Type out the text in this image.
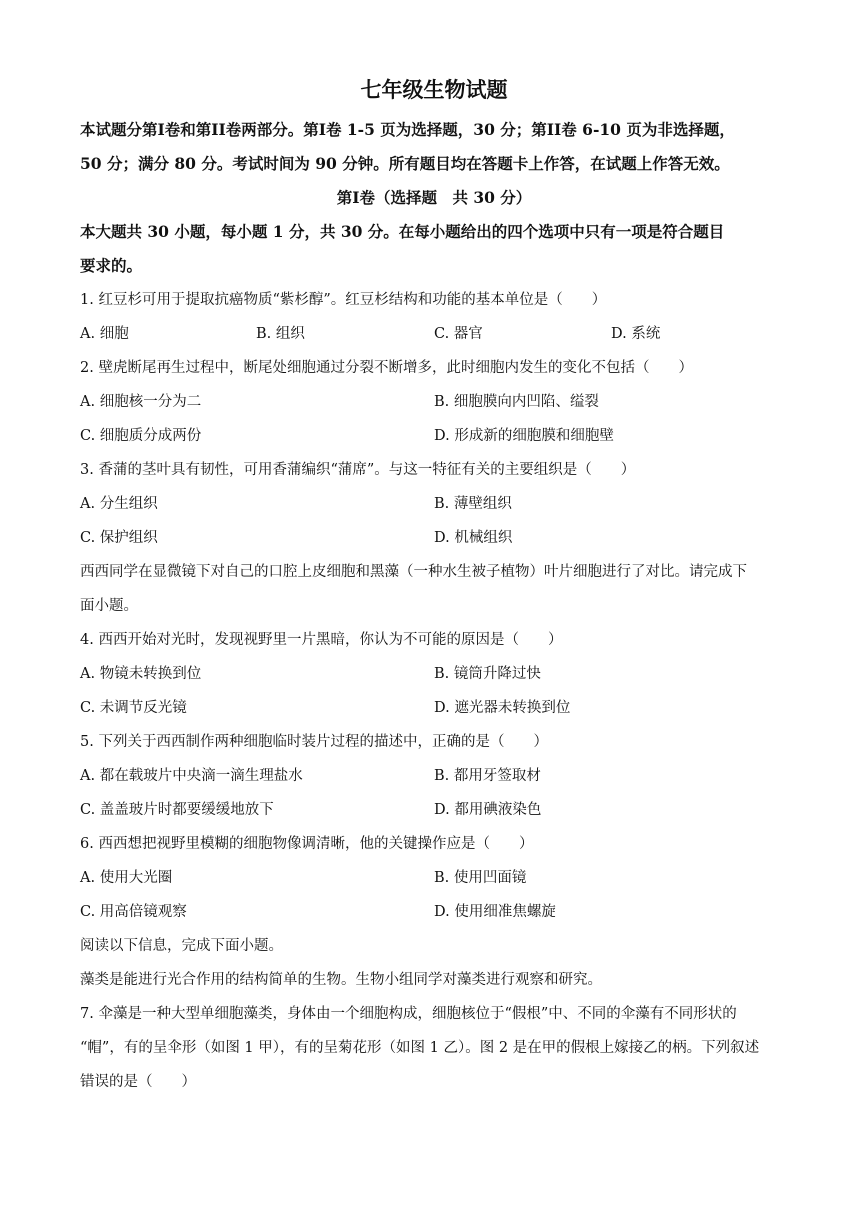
七年级生物试题
本试题分第I卷和第II卷两部分。第I卷 1-5 页为选择题，30 分；第II卷 6-10 页为非选择题，
50 分；满分 80 分。考试时间为 90 分钟。所有题目均在答题卡上作答，在试题上作答无效。
第I卷（选择题　共 30 分）
本大题共 30 小题，每小题 1 分，共 30 分。在每小题给出的四个选项中只有一项是符合题目
要求的。
1. 红豆杉可用于提取抗癌物质“紫杉醇”。红豆杉结构和功能的基本单位是（　　）
A. 细胞	B. 组织	C. 器官	D. 系统
2. 壁虎断尾再生过程中，断尾处细胞通过分裂不断增多，此时细胞内发生的变化不包括（　　）
A. 细胞核一分为二	B. 细胞膜向内凹陷、缢裂
C. 细胞质分成两份	D. 形成新的细胞膜和细胞壁
3. 香蒲的茎叶具有韧性，可用香蒲编织“蒲席”。与这一特征有关的主要组织是（　　）
A. 分生组织	B. 薄壁组织
C. 保护组织	D. 机械组织
西西同学在显微镜下对自己的口腔上皮细胞和黑藻（一种水生被子植物）叶片细胞进行了对比。请完成下
面小题。
4. 西西开始对光时，发现视野里一片黑暗，你认为不可能的原因是（　　）
A. 物镜未转换到位	B. 镜筒升降过快
C. 未调节反光镜	D. 遮光器未转换到位
5. 下列关于西西制作两种细胞临时装片过程的描述中，正确的是（　　）
A. 都在载玻片中央滴一滴生理盐水	B. 都用牙签取材
C. 盖盖玻片时都要缓缓地放下	D. 都用碘液染色
6. 西西想把视野里模糊的细胞物像调清晰，他的关键操作应是（　　）
A. 使用大光圈	B. 使用凹面镜
C. 用高倍镜观察	D. 使用细准焦螺旋
阅读以下信息，完成下面小题。
藻类是能进行光合作用的结构简单的生物。生物小组同学对藻类进行观察和研究。
7. 伞藻是一种大型单细胞藻类，身体由一个细胞构成，细胞核位于“假根”中、不同的伞藻有不同形状的
“帽”，有的呈伞形（如图 1 甲），有的呈菊花形（如图 1 乙）。图 2 是在甲的假根上嫁接乙的柄。下列叙述
错误的是（　　）
